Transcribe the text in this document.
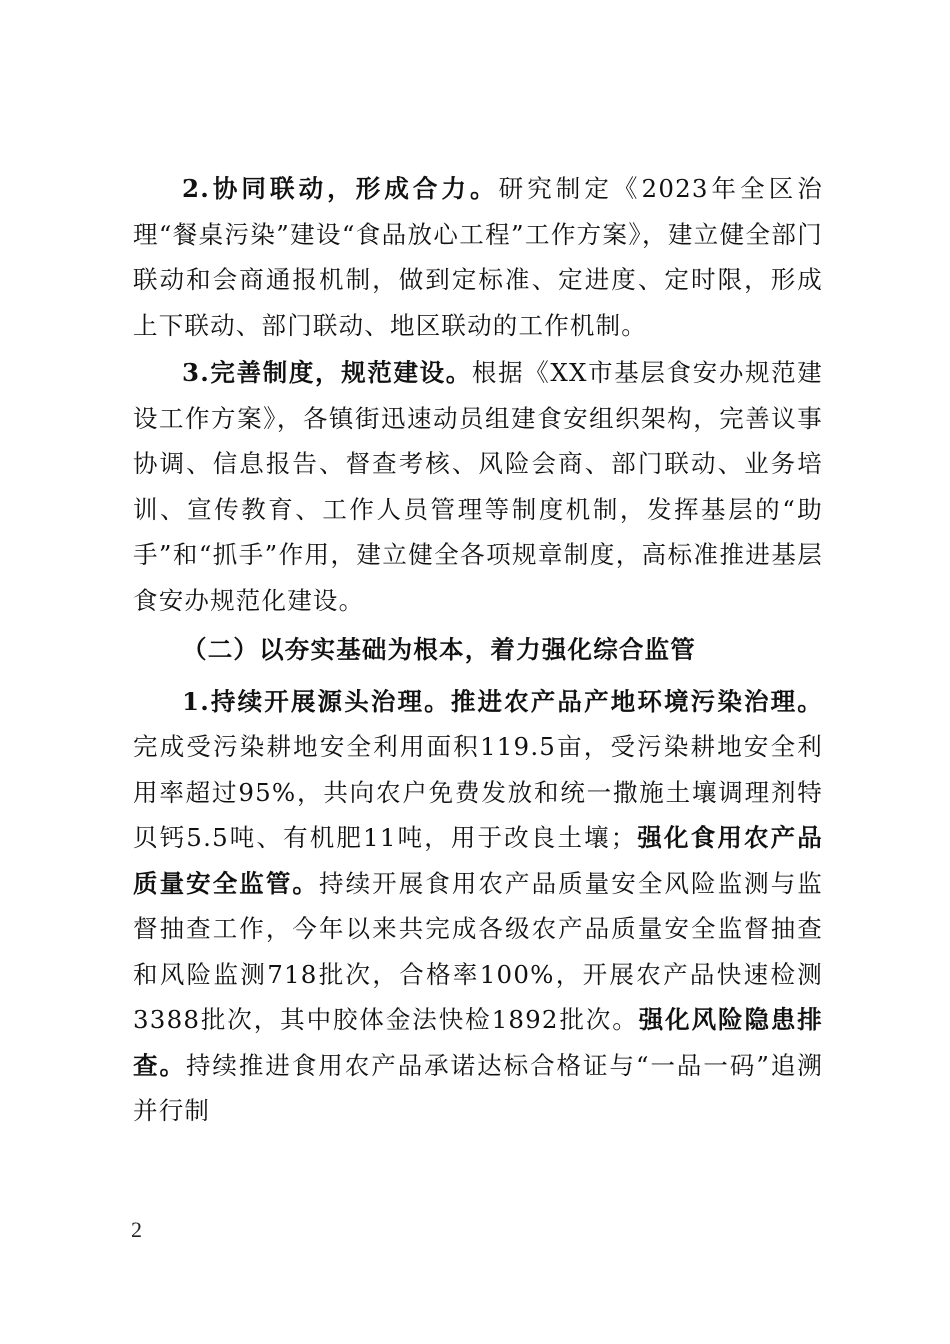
2.协同联动，形成合力。研究制定《2023年全区治理“餐桌污染”建设“食品放心工程”工作方案》，建立健全部门联动和会商通报机制，做到定标准、定进度、定时限，形成上下联动、部门联动、地区联动的工作机制。

3.完善制度，规范建设。根据《XX市基层食安办规范建设工作方案》，各镇街迅速动员组建食安组织架构，完善议事协调、信息报告、督查考核、风险会商、部门联动、业务培训、宣传教育、工作人员管理等制度机制，发挥基层的“助手”和“抓手”作用，建立健全各项规章制度，高标准推进基层食安办规范化建设。

（二）以夯实基础为根本，着力强化综合监管

1.持续开展源头治理。推进农产品产地环境污染治理。完成受污染耕地安全利用面积119.5亩，受污染耕地安全利用率超过95%，共向农户免费发放和统一撒施土壤调理剂特贝钙5.5吨、有机肥11吨，用于改良土壤；强化食用农产品质量安全监管。持续开展食用农产品质量安全风险监测与监督抽查工作，今年以来共完成各级农产品质量安全监督抽查和风险监测718批次，合格率100%，开展农产品快速检测3388批次，其中胶体金法快检1892批次。强化风险隐患排查。持续推进食用农产品承诺达标合格证与“一品一码”追溯并行制

2
